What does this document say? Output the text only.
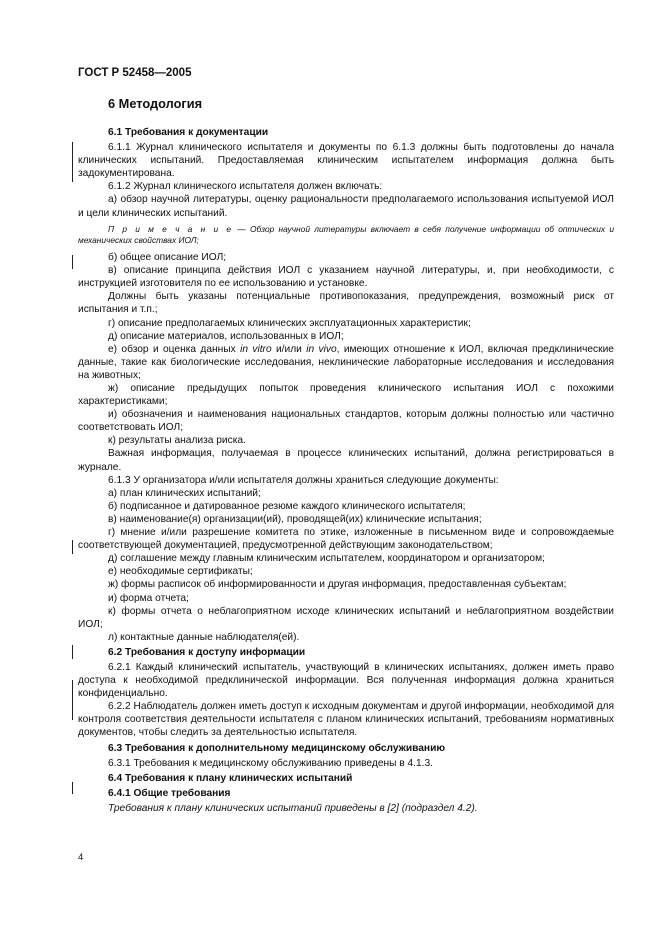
ГОСТ Р 52458—2005
6 Методология
6.1 Требования к документации

6.1.1 Журнал клинического испытателя и документы по 6.1.3 должны быть подготовлены до начала клинических испытаний. Предоставляемая клиническим испытателем информация должна быть задокументирована.

6.1.2 Журнал клинического испытателя должен включать:

а) обзор научной литературы, оценку рациональности предполагаемого использования испытуемой ИОЛ и цели клинических испытаний.

П р и м е ч а н и е — Обзор научной литературы включает в себя получение информации об оптических и механических свойствах ИОЛ;

б) общее описание ИОЛ;

в) описание принципа действия ИОЛ с указанием научной литературы, и, при необходимости, с инструкцией изготовителя по ее использованию и установке.

Должны быть указаны потенциальные противопоказания, предупреждения, возможный риск от испытания и т.п.;

г) описание предполагаемых клинических эксплуатационных характеристик;

д) описание материалов, использованных в ИОЛ;

е) обзор и оценка данных in vitro и/или in vivo, имеющих отношение к ИОЛ, включая предклинические данные, такие как биологические исследования, неклинические лабораторные исследования и исследования на животных;

ж) описание предыдущих попыток проведения клинического испытания ИОЛ с похожими характеристиками;

и) обозначения и наименования национальных стандартов, которым должны полностью или частично соответствовать ИОЛ;

к) результаты анализа риска.

Важная информация, получаемая в процессе клинических испытаний, должна регистрироваться в журнале.

6.1.3 У организатора и/или испытателя должны храниться следующие документы:

а) план клинических испытаний;

б) подписанное и датированное резюме каждого клинического испытателя;

в) наименование(я) организации(ий), проводящей(их) клинические испытания;

г) мнение и/или разрешение комитета по этике, изложенные в письменном виде и сопровождаемые соответствующей документацией, предусмотренной действующим законодательством;

д) соглашение между главным клиническим испытателем, координатором и организатором;

е) необходимые сертификаты;

ж) формы расписок об информированности и другая информация, предоставленная субъектам;

и) форма отчета;

к) формы отчета о неблагоприятном исходе клинических испытаний и неблагоприятном воздействии ИОЛ;

л) контактные данные наблюдателя(ей).

6.2 Требования к доступу информации

6.2.1 Каждый клинический испытатель, участвующий в клинических испытаниях, должен иметь право доступа к необходимой предклинической информации. Вся полученная информация должна храниться конфиденциально.

6.2.2 Наблюдатель должен иметь доступ к исходным документам и другой информации, необходимой для контроля соответствия деятельности испытателя с планом клинических испытаний, требованиям нормативных документов, чтобы следить за деятельностью испытателя.

6.3 Требования к дополнительному медицинскому обслуживанию

6.3.1 Требования к медицинскому обслуживанию приведены в 4.1.3.

6.4 Требования к плану клинических испытаний
6.4.1 Общие требования

Требования к плану клинических испытаний приведены в [2] (подраздел 4.2).

4
